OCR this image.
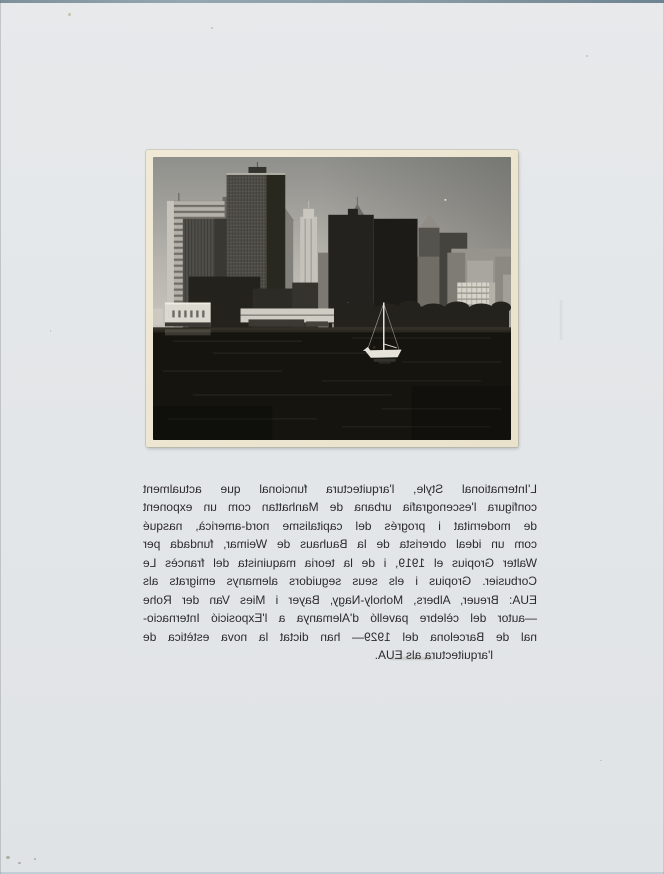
L'International Style, l'arquitectura funcional que actualment
configura l'escenografia urbana de Manhattan com un exponent
de modernitat i progrés del capitalisme nord-americà, nasqué
com un ideal obrerista de la Bauhaus de Weimar, fundada per
Walter Gropius el 1919, i de la teoria maquinista del francès Le
Corbusier. Gropius i els seus seguidors alemanys emigrats als
EUA: Breuer, Albers, Moholy-Nagy, Bayer i Mies Van der Rohe
—autor del cèlebre pavelló d'Alemanya a l'Exposició Internacio-
nal de Barcelona del 1929— han dictat la nova estètica de
l'arquitectura als EUA.
